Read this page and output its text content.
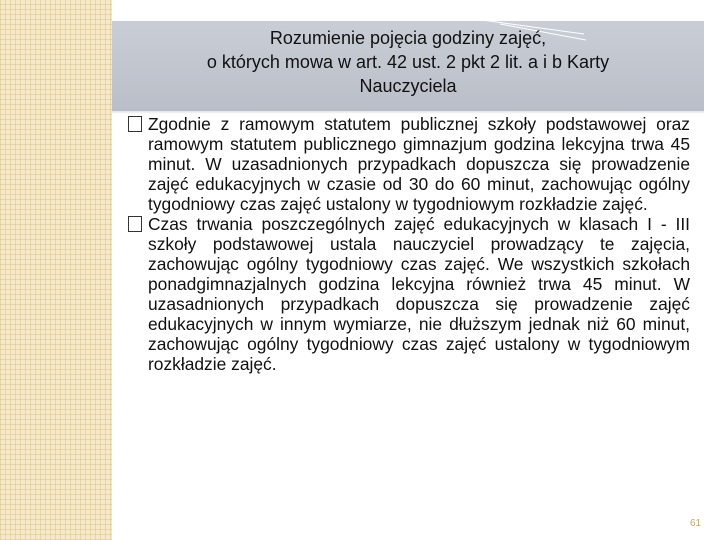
Rozumienie pojęcia godziny zajęć,
o których mowa w art. 42 ust. 2 pkt 2 lit. a i b Karty
Nauczyciela

Zgodnie z ramowym statutem publicznej szkoły podstawowej oraz ramowym statutem publicznego gimnazjum godzina lekcyjna trwa 45 minut. W uzasadnionych przypadkach dopuszcza się prowadzenie zajęć edukacyjnych w czasie od 30 do 60 minut, zachowując ogólny tygodniowy czas zajęć ustalony w tygodniowym rozkładzie zajęć.

Czas trwania poszczególnych zajęć edukacyjnych w klasach I - III szkoły podstawowej ustala nauczyciel prowadzący te zajęcia, zachowując ogólny tygodniowy czas zajęć. We wszystkich szkołach ponadgimnazjalnych godzina lekcyjna również trwa 45 minut. W uzasadnionych przypadkach dopuszcza się prowadzenie zajęć edukacyjnych w innym wymiarze, nie dłuższym jednak niż 60 minut, zachowując ogólny tygodniowy czas zajęć ustalony w tygodniowym rozkładzie zajęć.

61
